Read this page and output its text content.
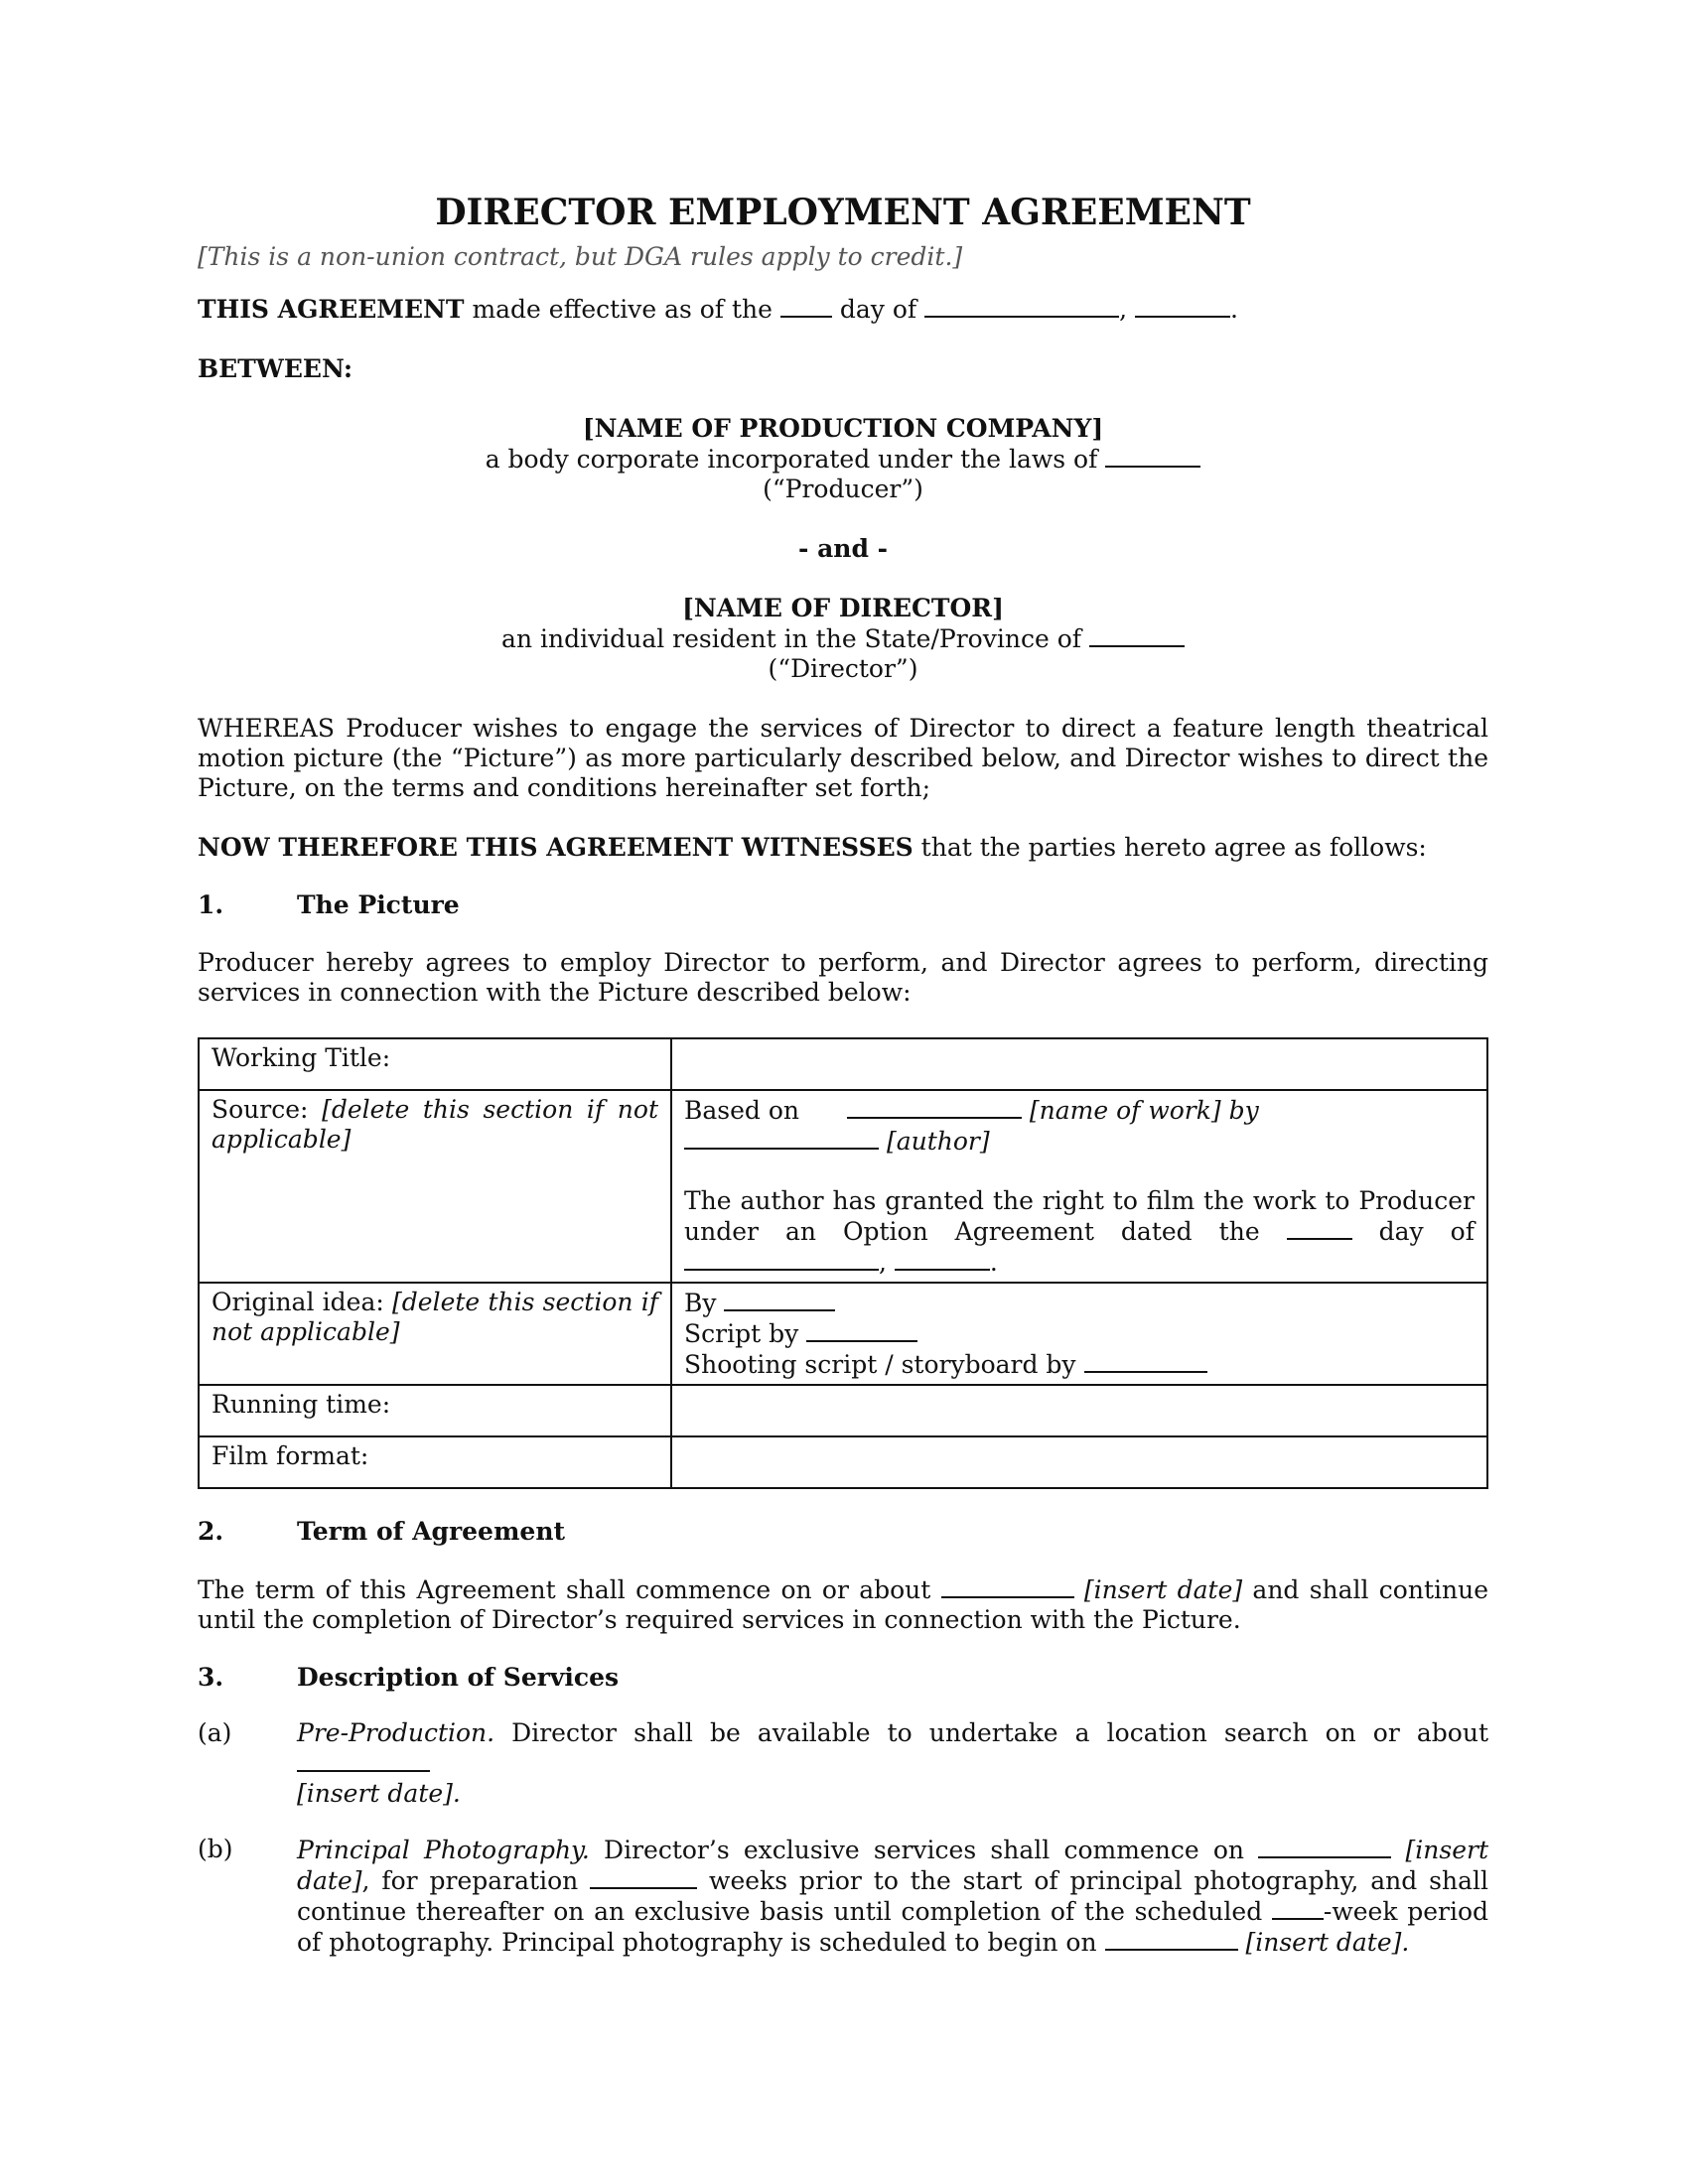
DIRECTOR EMPLOYMENT AGREEMENT

[This is a non-union contract, but DGA rules apply to credit.]

THIS AGREEMENT made effective as of the  day of	,	.

BETWEEN:

[NAME OF PRODUCTION COMPANY]
a body corporate incorporated under the laws of
(“Producer”)
- and -
[NAME OF DIRECTOR]
an individual resident in the State/Province of
(“Director”)

WHEREAS Producer wishes to engage the services of Director to direct a feature length theatrical motion picture (the “Picture”) as more particularly described below, and Director wishes to direct the Picture, on the terms and conditions hereinafter set forth;

NOW THEREFORE THIS AGREEMENT WITNESSES that the parties hereto agree as follows:

1.	The Picture

Producer hereby agrees to employ Director to perform, and Director agrees to perform, directing services in connection with the Picture described below:

Working Title:	
Source: [delete this section if not applicable]	Based on [name of work] by
[author]
The author has granted the right to film the work to Producer under an Option Agreement dated the day of , .

Original idea: [delete this section if not applicable]	By
Script by
Shooting script / storyboard by

Running time:	
Film format:	
2.	Term of Agreement

The term of this Agreement shall commence on or about	[insert date] and shall continue until the completion of Director’s required services in connection with the Picture.

3.	Description of Services
(a)	Pre-Production. Director shall be available to undertake a location search on or about
[insert date].
(b)	Principal Photography. Director’s exclusive services shall commence on	[insert date], for preparation	weeks prior to the start of principal photography, and shall continue thereafter on an exclusive basis until completion of the scheduled -week period of photography. Principal photography is scheduled to begin on	[insert date].
